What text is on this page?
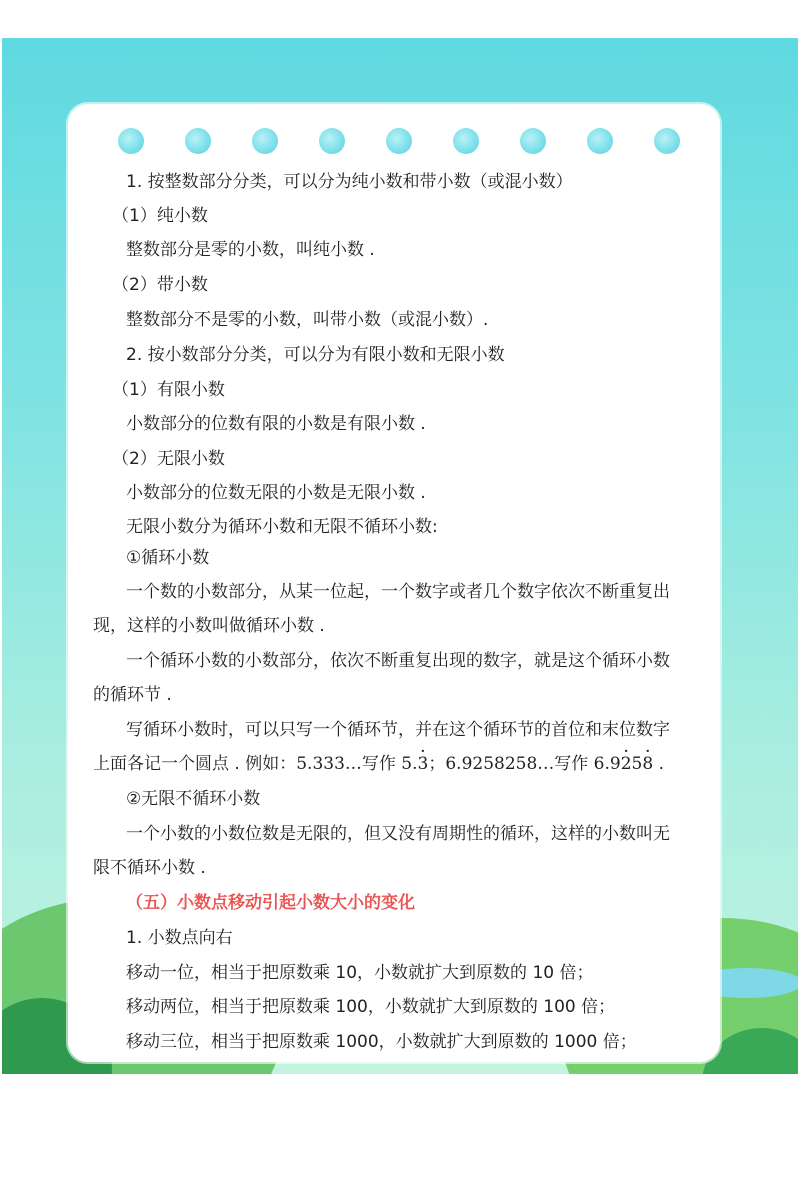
1. 按整数部分分类，可以分为纯小数和带小数（或混小数）
（1）纯小数
整数部分是零的小数，叫纯小数 .
（2）带小数
整数部分不是零的小数，叫带小数（或混小数）.
2. 按小数部分分类，可以分为有限小数和无限小数
（1）有限小数
小数部分的位数有限的小数是有限小数 .
（2）无限小数
小数部分的位数无限的小数是无限小数 .
无限小数分为循环小数和无限不循环小数:
①循环小数
一个数的小数部分，从某一位起，一个数字或者几个数字依次不断重复出
现，这样的小数叫做循环小数 .
一个循环小数的小数部分，依次不断重复出现的数字，就是这个循环小数
的循环节 .
写循环小数时，可以只写一个循环节，并在这个循环节的首位和末位数字
上面各记一个圆点 . 例如：5.333…写作 5.· 3；6.9258258…写作 6.9· 25· 8 .
②无限不循环小数
一个小数的小数位数是无限的，但又没有周期性的循环，这样的小数叫无
限不循环小数 .
（五）小数点移动引起小数大小的变化
1. 小数点向右
移动一位，相当于把原数乘 10，小数就扩大到原数的 10 倍；
移动两位，相当于把原数乘 100，小数就扩大到原数的 100 倍；
移动三位，相当于把原数乘 1000，小数就扩大到原数的 1000 倍；
